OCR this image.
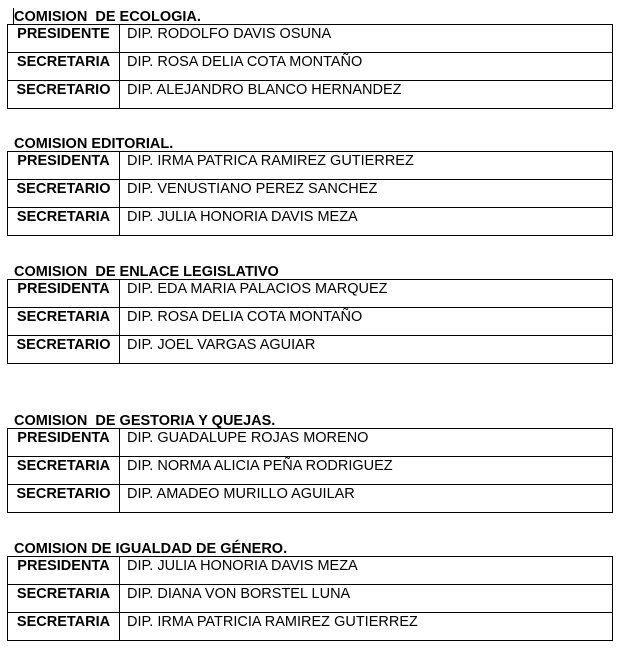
COMISION  DE ECOLOGIA.
PRESIDENTE	DIP. RODOLFO DAVIS OSUNA
SECRETARIA	DIP. ROSA DELIA COTA MONTAÑO
SECRETARIO	DIP. ALEJANDRO BLANCO HERNANDEZ
COMISION EDITORIAL.
PRESIDENTA	DIP. IRMA PATRICA RAMIREZ GUTIERREZ
SECRETARIO	DIP. VENUSTIANO PEREZ SANCHEZ
SECRETARIA	DIP. JULIA HONORIA DAVIS MEZA
COMISION  DE ENLACE LEGISLATIVO
PRESIDENTA	DIP. EDA MARIA PALACIOS MARQUEZ
SECRETARIA	DIP. ROSA DELIA COTA MONTAÑO
SECRETARIO	DIP. JOEL VARGAS AGUIAR
COMISION  DE GESTORIA Y QUEJAS.
PRESIDENTA	DIP. GUADALUPE ROJAS MORENO
SECRETARIA	DIP. NORMA ALICIA PEÑA RODRIGUEZ
SECRETARIO	DIP. AMADEO MURILLO AGUILAR
COMISION DE IGUALDAD DE GÉNERO.
PRESIDENTA	DIP. JULIA HONORIA DAVIS MEZA
SECRETARIA	DIP. DIANA VON BORSTEL LUNA
SECRETARIA	DIP. IRMA PATRICIA RAMIREZ GUTIERREZ
